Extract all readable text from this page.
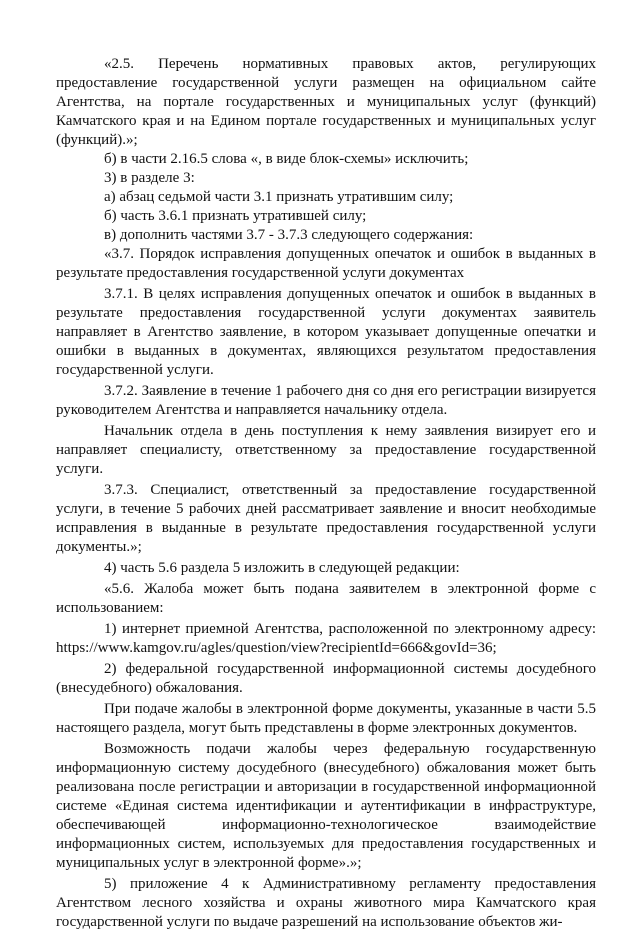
«2.5. Перечень нормативных правовых актов, регулирующих предоставление государственной услуги размещен на официальном сайте Агентства, на портале государственных и муниципальных услуг (функций) Камчатского края и на Едином портале государственных и муниципальных услуг (функций).»;

б) в части 2.16.5 слова «, в виде блок-схемы» исключить;

3) в разделе 3:

а) абзац седьмой части 3.1 признать утратившим силу;

б) часть 3.6.1 признать утратившей силу;

в) дополнить частями 3.7 - 3.7.3 следующего содержания:

«3.7. Порядок исправления допущенных опечаток и ошибок в выданных в результате предоставления государственной услуги документах

3.7.1. В целях исправления допущенных опечаток и ошибок в выданных в результате предоставления государственной услуги документах заявитель направляет в Агентство заявление, в котором указывает допущенные опечатки и ошибки в выданных в документах, являющихся результатом предоставления государственной услуги.

3.7.2. Заявление в течение 1 рабочего дня со дня его регистрации визируется руководителем Агентства и направляется начальнику отдела.

Начальник отдела в день поступления к нему заявления визирует его и направляет специалисту, ответственному за предоставление государственной услуги.

3.7.3. Специалист, ответственный за предоставление государственной услуги, в течение 5 рабочих дней рассматривает заявление и вносит необходимые исправления в выданные в результате предоставления государственной услуги документы.»;

4) часть 5.6 раздела 5 изложить в следующей редакции:

«5.6. Жалоба может быть подана заявителем в электронной форме с использованием:

1) интернет приемной Агентства, расположенной по электронному адресу: https://www.kamgov.ru/agles/question/view?recipientId=666&govId=36;

2) федеральной государственной информационной системы досудебного (внесудебного) обжалования.

При подаче жалобы в электронной форме документы, указанные в части 5.5 настоящего раздела, могут быть представлены в форме электронных документов.

Возможность подачи жалобы через федеральную государственную информационную систему досудебного (внесудебного) обжалования может быть реализована после регистрации и авторизации в государственной информационной системе «Единая система идентификации и аутентификации в инфраструктуре, обеспечивающей информационно-технологическое взаимодействие информационных систем, используемых для предоставления государственных и муниципальных услуг в электронной форме».»;

5) приложение 4 к Административному регламенту предоставления Агентством лесного хозяйства и охраны животного мира Камчатского края государственной услуги по выдаче разрешений на использование объектов жи-
